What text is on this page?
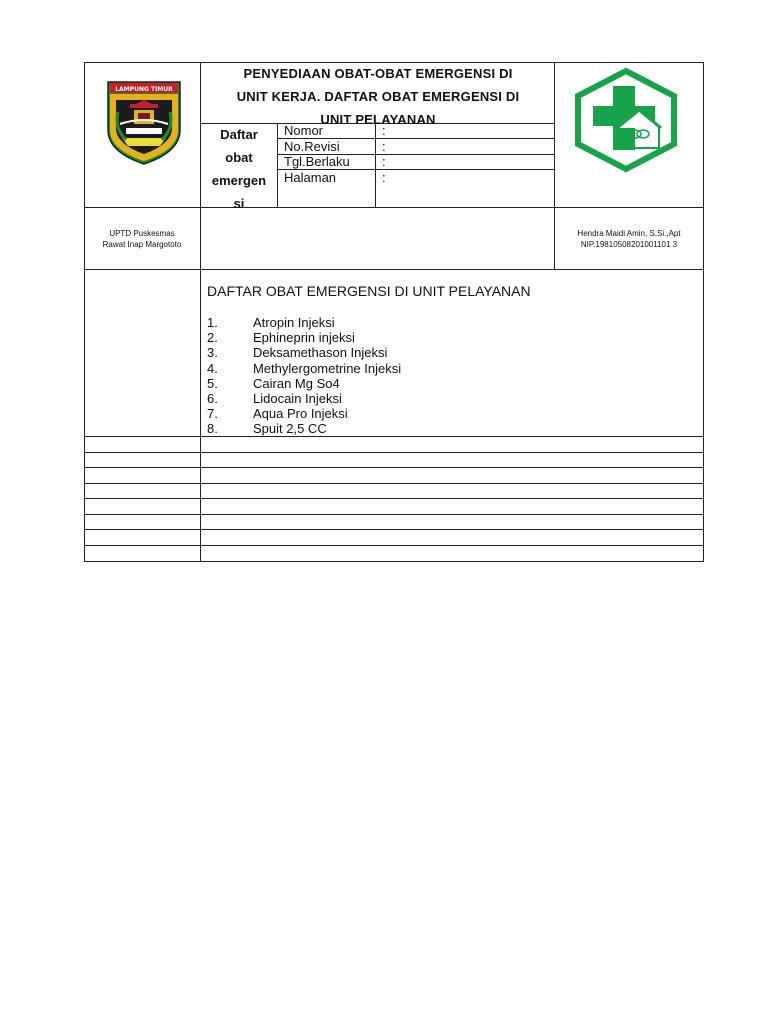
LAMPUNG TIMUR
PENYEDIAAN OBAT-OBAT EMERGENSI DI
UNIT KERJA. DAFTAR OBAT EMERGENSI DI
UNIT PELAYANAN
Daftar
obat
emergen
si
Nomor	:
No.Revisi	:
Tgl.Berlaku :
Halaman	:
UPTD Puskesmas
Rawat Inap Margototo
Hendra Maidi Amin, S.Si.,Apt
NIP.19810508201001101 3
DAFTAR OBAT EMERGENSI DI UNIT PELAYANAN
1.	Atropin Injeksi
2.	Ephineprin injeksi
3.	Deksamethason Injeksi
4.	Methylergometrine Injeksi
5.	Cairan Mg So4
6.	Lidocain Injeksi
7.	Aqua Pro Injeksi
8.	Spuit 2,5 CC
